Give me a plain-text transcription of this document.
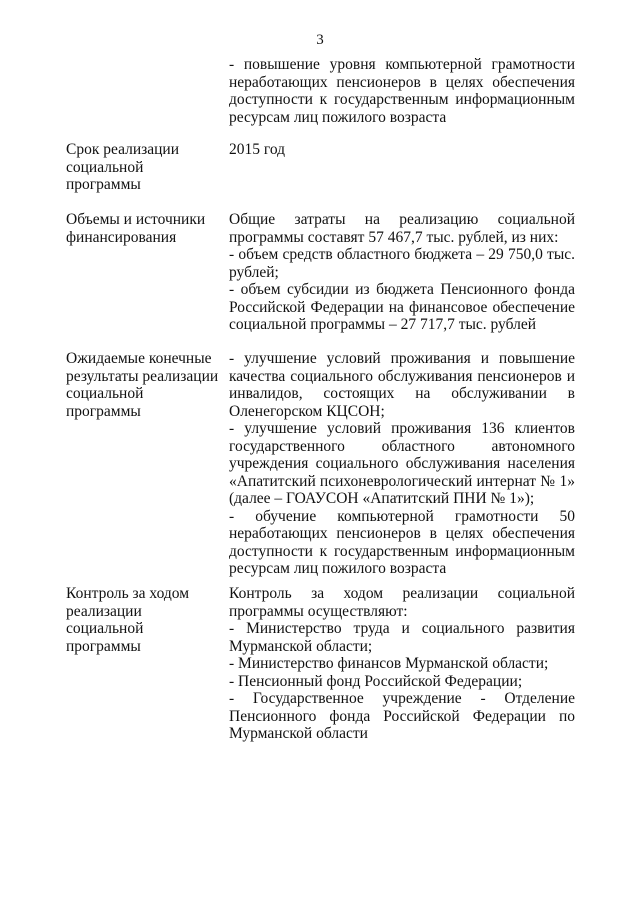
3

- повышение уровня компьютерной грамотности неработающих пенсионеров в целях обеспечения доступности к государственным информационным ресурсам лиц пожилого возраста

Срок реализации
социальной
программы

2015 год

Объемы и источники
финансирования

Общие затраты на реализацию социальной программы составят 57 467,7 тыс. рублей, из них:

- объем средств областного бюджета – 29 750,0 тыс. рублей;

- объем субсидии из бюджета Пенсионного фонда Российской Федерации на финансовое обеспечение социальной программы – 27 717,7 тыс. рублей

Ожидаемые конечные
результаты реализации
социальной
программы

- улучшение условий проживания и повышение качества социального обслуживания пенсионеров и инвалидов, состоящих на обслуживании в Оленегорском КЦСОН;

- улучшение условий проживания 136 клиентов государственного областного автономного учреждения социального обслуживания населения «Апатитский психоневрологический интернат № 1» (далее – ГОАУСОН «Апатитский ПНИ № 1»);

- обучение компьютерной грамотности 50 неработающих пенсионеров в целях обеспечения доступности к государственным информационным ресурсам лиц пожилого возраста

Контроль за ходом
реализации
социальной
программы

Контроль за ходом реализации социальной программы осуществляют:

- Министерство труда и социального развития Мурманской области;

- Министерство финансов Мурманской области;

- Пенсионный фонд Российской Федерации;

- Государственное учреждение - Отделение Пенсионного фонда Российской Федерации по Мурманской области
